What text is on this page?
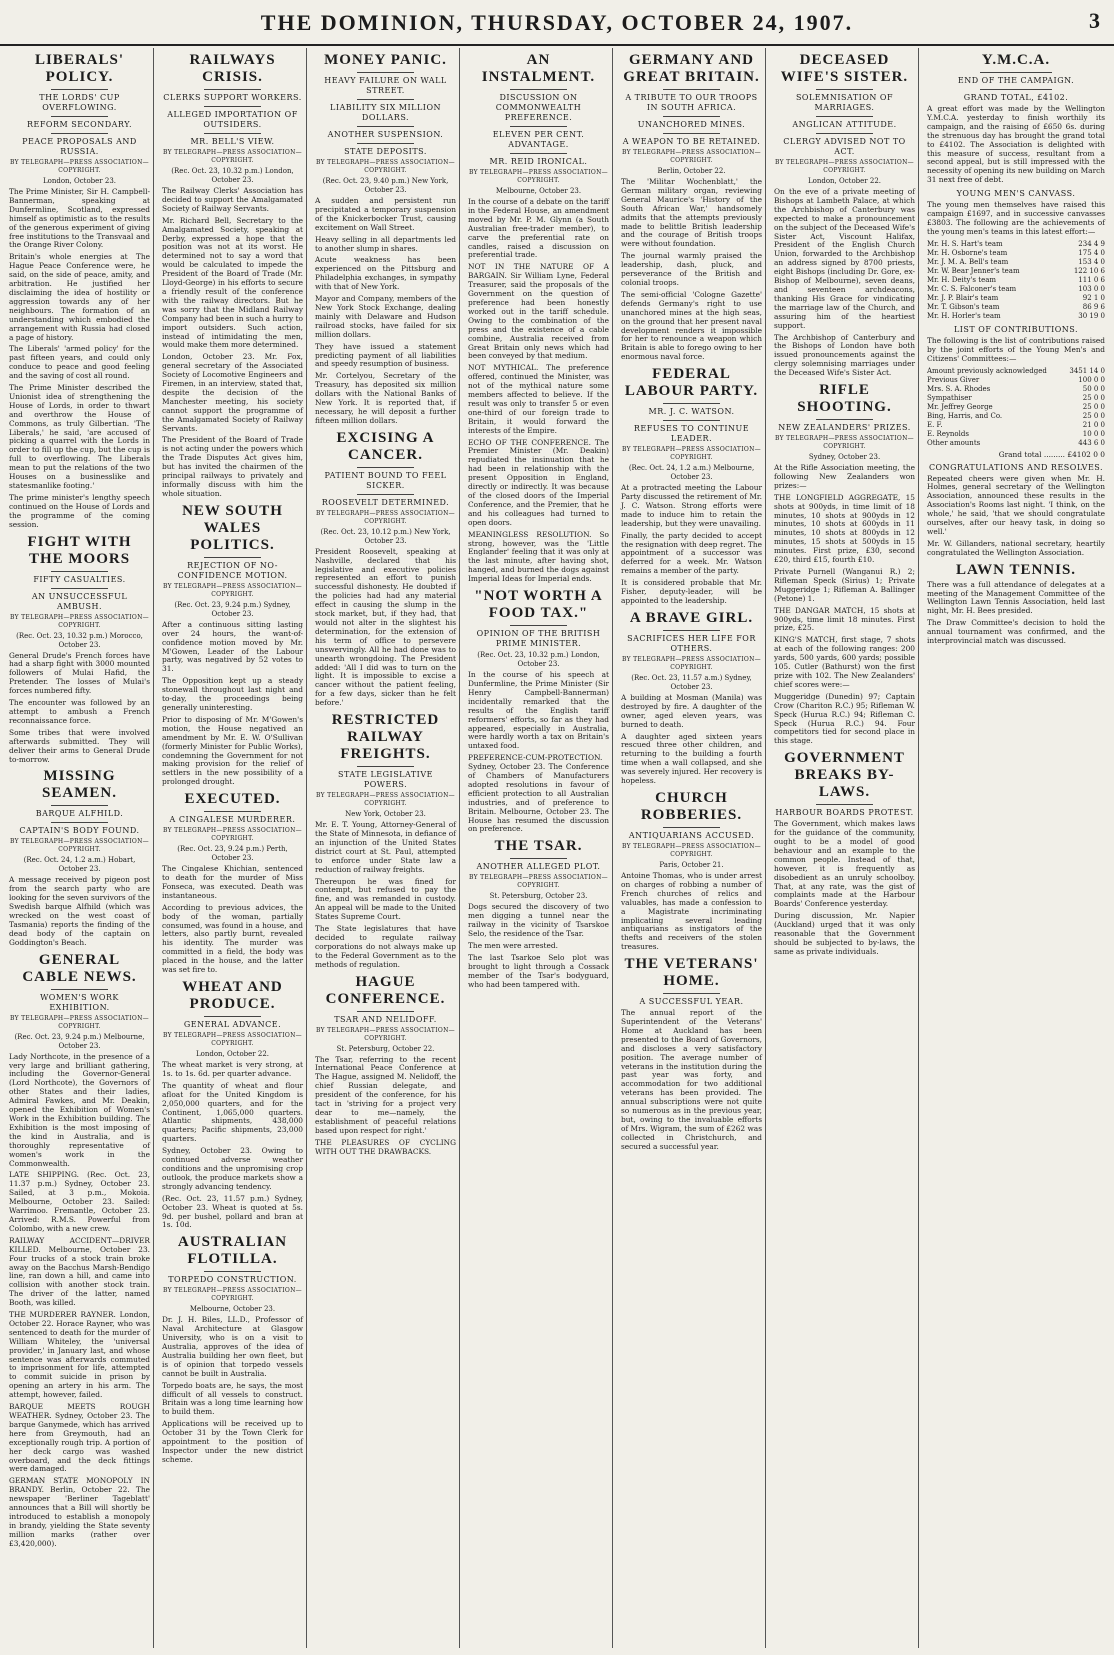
THE DOMINION, THURSDAY, OCTOBER 24, 1907.	3
LIBERALS' POLICY.
THE LORDS' CUP OVERFLOWING.
REFORM SECONDARY.
PEACE PROPOSALS AND RUSSIA.
BY TELEGRAPH—PRESS ASSOCIATION—COPYRIGHT.
London, October 23.

The Prime Minister, Sir H. Campbell-Bannerman, speaking at Dunfermline, Scotland, expressed himself as optimistic as to the results of the generous experiment of giving free institutions to the Transvaal and the Orange River Colony.

Britain's whole energies at The Hague Peace Conference were, he said, on the side of peace, amity, and arbitration. He justified her disclaiming the idea of hostility or aggression towards any of her neighbours. The formation of an understanding which embodied the arrangement with Russia had closed a page of history.

The Liberals' 'armed policy' for the past fifteen years, and could only conduce to peace and good feeling and the saving of cost all round.

The Prime Minister described the Unionist idea of strengthening the House of Lords, in order to thwart and overthrow the House of Commons, as truly Gilbertian. 'The Liberals,' he said, 'are accused of picking a quarrel with the Lords in order to fill up the cup, but the cup is full to overflowing. The Liberals mean to put the relations of the two Houses on a businesslike and statesmanlike footing.'

The prime minister's lengthy speech continued on the House of Lords and the programme of the coming session.

FIGHT WITH THE MOORS
FIFTY CASUALTIES.
AN UNSUCCESSFUL AMBUSH.
BY TELEGRAPH—PRESS ASSOCIATION—COPYRIGHT.
(Rec. Oct. 23, 10.32 p.m.) Morocco, October 23.

General Drude's French forces have had a sharp fight with 3000 mounted followers of Mulai Hafid, the Pretender. The losses of Mulai's forces numbered fifty.

The encounter was followed by an attempt to ambush a French reconnaissance force.

Some tribes that were involved afterwards submitted. They will deliver their arms to General Drude to-morrow.

MISSING SEAMEN.
BARQUE ALFHILD.
CAPTAIN'S BODY FOUND.
BY TELEGRAPH—PRESS ASSOCIATION—COPYRIGHT.
(Rec. Oct. 24, 1.2 a.m.) Hobart, October 23.

A message received by pigeon post from the search party who are looking for the seven survivors of the Swedish barque Alfhild (which was wrecked on the west coast of Tasmania) reports the finding of the dead body of the captain on Goddington's Beach.

GENERAL CABLE NEWS.
WOMEN'S WORK EXHIBITION.
BY TELEGRAPH—PRESS ASSOCIATION—COPYRIGHT.
(Rec. Oct. 23, 9.24 p.m.) Melbourne, October 23.

Lady Northcote, in the presence of a very large and brilliant gathering, including the Governor-General (Lord Northcote), the Governors of other States and their ladies, Admiral Fawkes, and Mr. Deakin, opened the Exhibition of Women's Work in the Exhibition building. The Exhibition is the most imposing of the kind in Australia, and is thoroughly representative of women's work in the Commonwealth.

LATE SHIPPING. (Rec. Oct. 23, 11.37 p.m.) Sydney, October 23. Sailed, at 3 p.m., Mokoia. Melbourne, October 23. Sailed: Warrimoo. Fremantle, October 23. Arrived: R.M.S. Powerful from Colombo, with a new crew.

RAILWAY ACCIDENT—DRIVER KILLED. Melbourne, October 23. Four trucks of a stock train broke away on the Bacchus Marsh-Bendigo line, ran down a hill, and came into collision with another stock train. The driver of the latter, named Booth, was killed.

THE MURDERER RAYNER. London, October 22. Horace Rayner, who was sentenced to death for the murder of William Whiteley, the 'universal provider,' in January last, and whose sentence was afterwards commuted to imprisonment for life, attempted to commit suicide in prison by opening an artery in his arm. The attempt, however, failed.

BARQUE MEETS ROUGH WEATHER. Sydney, October 23. The barque Ganymede, which has arrived here from Greymouth, had an exceptionally rough trip. A portion of her deck cargo was washed overboard, and the deck fittings were damaged.

GERMAN STATE MONOPOLY IN BRANDY. Berlin, October 22. The newspaper 'Berliner Tageblatt' announces that a Bill will shortly be introduced to establish a monopoly in brandy, yielding the State seventy million marks (rather over £3,420,000).

RAILWAYS CRISIS.
CLERKS SUPPORT WORKERS.
ALLEGED IMPORTATION OF OUTSIDERS.
MR. BELL'S VIEW.
BY TELEGRAPH—PRESS ASSOCIATION—COPYRIGHT.
(Rec. Oct. 23, 10.32 p.m.) London, October 23.

The Railway Clerks' Association has decided to support the Amalgamated Society of Railway Servants.

Mr. Richard Bell, Secretary to the Amalgamated Society, speaking at Derby, expressed a hope that the position was not at its worst. He determined not to say a word that would be calculated to impede the President of the Board of Trade (Mr. Lloyd-George) in his efforts to secure a friendly result of the conference with the railway directors. But he was sorry that the Midland Railway Company had been in such a hurry to import outsiders. Such action, instead of intimidating the men, would make them more determined.

London, October 23. Mr. Fox, general secretary of the Associated Society of Locomotive Engineers and Firemen, in an interview, stated that, despite the decision of the Manchester meeting, his society cannot support the programme of the Amalgamated Society of Railway Servants.

The President of the Board of Trade is not acting under the powers which the Trade Disputes Act gives him, but has invited the chairmen of the principal railways to privately and informally discuss with him the whole situation.

NEW SOUTH WALES POLITICS.
REJECTION OF NO-CONFIDENCE MOTION.
BY TELEGRAPH—PRESS ASSOCIATION—COPYRIGHT.
(Rec. Oct. 23, 9.24 p.m.) Sydney, October 23.

After a continuous sitting lasting over 24 hours, the want-of-confidence motion moved by Mr. M'Gowen, Leader of the Labour party, was negatived by 52 votes to 31.

The Opposition kept up a steady stonewall throughout last night and to-day, the proceedings being generally uninteresting.

Prior to disposing of Mr. M'Gowen's motion, the House negatived an amendment by Mr. E. W. O'Sullivan (formerly Minister for Public Works), condemning the Government for not making provision for the relief of settlers in the new possibility of a prolonged drought.

EXECUTED.
A CINGALESE MURDERER.
BY TELEGRAPH—PRESS ASSOCIATION—COPYRIGHT.
(Rec. Oct. 23, 9.24 p.m.) Perth, October 23.

The Cingalese Khichian, sentenced to death for the murder of Miss Fonseca, was executed. Death was instantaneous.

According to previous advices, the body of the woman, partially consumed, was found in a house, and letters, also partly burnt, revealed his identity. The murder was committed in a field, the body was placed in the house, and the latter was set fire to.

WHEAT AND PRODUCE.
GENERAL ADVANCE.
BY TELEGRAPH—PRESS ASSOCIATION—COPYRIGHT.
London, October 22.

The wheat market is very strong, at 1s. to 1s. 6d. per quarter advance.

The quantity of wheat and flour afloat for the United Kingdom is 2,050,000 quarters, and for the Continent, 1,065,000 quarters. Atlantic shipments, 438,000 quarters; Pacific shipments, 23,000 quarters.

Sydney, October 23. Owing to continued adverse weather conditions and the unpromising crop outlook, the produce markets show a strongly advancing tendency.

(Rec. Oct. 23, 11.57 p.m.) Sydney, October 23. Wheat is quoted at 5s. 9d. per bushel, pollard and bran at 1s. 10d.

AUSTRALIAN FLOTILLA.
TORPEDO CONSTRUCTION.
BY TELEGRAPH—PRESS ASSOCIATION—COPYRIGHT.
Melbourne, October 23.

Dr. J. H. Biles, LL.D., Professor of Naval Architecture at Glasgow University, who is on a visit to Australia, approves of the idea of Australia building her own fleet, but is of opinion that torpedo vessels cannot be built in Australia.

Torpedo boats are, he says, the most difficult of all vessels to construct. Britain was a long time learning how to build them.

Applications will be received up to October 31 by the Town Clerk for appointment to the position of Inspector under the new district scheme.

MONEY PANIC.
HEAVY FAILURE ON WALL STREET.
LIABILITY SIX MILLION DOLLARS.
ANOTHER SUSPENSION.
STATE DEPOSITS.
BY TELEGRAPH—PRESS ASSOCIATION—COPYRIGHT.
(Rec. Oct. 23, 9.40 p.m.) New York, October 23.

A sudden and persistent run precipitated a temporary suspension of the Knickerbocker Trust, causing excitement on Wall Street.

Heavy selling in all departments led to another slump in shares.

Acute weakness has been experienced on the Pittsburg and Philadelphia exchanges, in sympathy with that of New York.

Mayor and Company, members of the New York Stock Exchange, dealing mainly with Delaware and Hudson railroad stocks, have failed for six million dollars.

They have issued a statement predicting payment of all liabilities and speedy resumption of business.

Mr. Cortelyou, Secretary of the Treasury, has deposited six million dollars with the National Banks of New York. It is reported that, if necessary, he will deposit a further fifteen million dollars.

EXCISING A CANCER.
PATIENT BOUND TO FEEL SICKER.
ROOSEVELT DETERMINED.
BY TELEGRAPH—PRESS ASSOCIATION—COPYRIGHT.
(Rec. Oct. 23, 10.12 p.m.) New York, October 23.

President Roosevelt, speaking at Nashville, declared that his legislative and executive policies represented an effort to punish successful dishonesty. He doubted if the policies had had any material effect in causing the slump in the stock market, but, if they had, that would not alter in the slightest his determination, for the extension of his term of office to persevere unswervingly. All he had done was to unearth wrongdoing. The President added: 'All I did was to turn on the light. It is impossible to excise a cancer without the patient feeling, for a few days, sicker than he felt before.'

RESTRICTED RAILWAY FREIGHTS.
STATE LEGISLATIVE POWERS.
BY TELEGRAPH—PRESS ASSOCIATION—COPYRIGHT.
New York, October 23.

Mr. E. T. Young, Attorney-General of the State of Minnesota, in defiance of an injunction of the United States district court at St. Paul, attempted to enforce under State law a reduction of railway freights.

Thereupon he was fined for contempt, but refused to pay the fine, and was remanded in custody. An appeal will be made to the United States Supreme Court.

The State legislatures that have decided to regulate railway corporations do not always make up to the Federal Government as to the methods of regulation.

HAGUE CONFERENCE.
TSAR AND NELIDOFF.
BY TELEGRAPH—PRESS ASSOCIATION—COPYRIGHT.
St. Petersburg, October 22.

The Tsar, referring to the recent International Peace Conference at The Hague, assigned M. Nelidoff, the chief Russian delegate, and president of the conference, for his tact in 'striving for a project very dear to me—namely, the establishment of peaceful relations based upon respect for right.'

THE PLEASURES OF CYCLING WITH OUT THE DRAWBACKS.

AN INSTALMENT.
DISCUSSION ON COMMONWEALTH PREFERENCE.
ELEVEN PER CENT. ADVANTAGE.
MR. REID IRONICAL.
BY TELEGRAPH—PRESS ASSOCIATION—COPYRIGHT.
Melbourne, October 23.

In the course of a debate on the tariff in the Federal House, an amendment moved by Mr. P. M. Glynn (a South Australian free-trader member), to carve the preferential rate on candles, raised a discussion on preferential trade.

NOT IN THE NATURE OF A BARGAIN. Sir William Lyne, Federal Treasurer, said the proposals of the Government on the question of preference had been honestly worked out in the tariff schedule. Owing to the combination of the press and the existence of a cable combine, Australia received from Great Britain only news which had been conveyed by that medium.

NOT MYTHICAL. The preference offered, continued the Minister, was not of the mythical nature some members affected to believe. If the result was only to transfer 5 or even one-third of our foreign trade to Britain, it would forward the interests of the Empire.

ECHO OF THE CONFERENCE. The Premier Minister (Mr. Deakin) repudiated the insinuation that he had been in relationship with the present Opposition in England, directly or indirectly. It was because of the closed doors of the Imperial Conference, and the Premier, that he and his colleagues had turned to open doors.

MEANINGLESS RESOLUTION. So strong, however, was the 'Little Englander' feeling that it was only at the last minute, after having shot, hanged, and burned the dogs against Imperial Ideas for Imperial ends.

"NOT WORTH A FOOD TAX."
OPINION OF THE BRITISH PRIME MINISTER.
(Rec. Oct. 23, 10.32 p.m.) London, October 23.

In the course of his speech at Dunfermline, the Prime Minister (Sir Henry Campbell-Bannerman) incidentally remarked that the results of the English tariff reformers' efforts, so far as they had appeared, especially in Australia, were hardly worth a tax on Britain's untaxed food.

PREFERENCE-CUM-PROTECTION. Sydney, October 23. The Conference of Chambers of Manufacturers adopted resolutions in favour of efficient protection to all Australian industries, and of preference to Britain. Melbourne, October 23. The House has resumed the discussion on preference.

THE TSAR.
ANOTHER ALLEGED PLOT.
BY TELEGRAPH—PRESS ASSOCIATION—COPYRIGHT.
St. Petersburg, October 23.

Dogs secured the discovery of two men digging a tunnel near the railway in the vicinity of Tsarskoe Selo, the residence of the Tsar.

The men were arrested.

The last Tsarkoe Selo plot was brought to light through a Cossack member of the Tsar's bodyguard, who had been tampered with.

GERMANY AND GREAT BRITAIN.
A TRIBUTE TO OUR TROOPS IN SOUTH AFRICA.
UNANCHORED MINES.
A WEAPON TO BE RETAINED.
BY TELEGRAPH—PRESS ASSOCIATION—COPYRIGHT.
Berlin, October 22.

The 'Militar Wochenblatt,' the German military organ, reviewing General Maurice's 'History of the South African War,' handsomely admits that the attempts previously made to belittle British leadership and the courage of British troops were without foundation.

The journal warmly praised the leadership, dash, pluck, and perseverance of the British and colonial troops.

The semi-official 'Cologne Gazette' defends Germany's right to use unanchored mines at the high seas, on the ground that her present naval development renders it impossible for her to renounce a weapon which Britain is able to forego owing to her enormous naval force.

FEDERAL LABOUR PARTY.
MR. J. C. WATSON.
REFUSES TO CONTINUE LEADER.
BY TELEGRAPH—PRESS ASSOCIATION—COPYRIGHT.
(Rec. Oct. 24, 1.2 a.m.) Melbourne, October 23.

At a protracted meeting the Labour Party discussed the retirement of Mr. J. C. Watson. Strong efforts were made to induce him to retain the leadership, but they were unavailing.

Finally, the party decided to accept the resignation with deep regret. The appointment of a successor was deferred for a week. Mr. Watson remains a member of the party.

It is considered probable that Mr. Fisher, deputy-leader, will be appointed to the leadership.

A BRAVE GIRL.
SACRIFICES HER LIFE FOR OTHERS.
BY TELEGRAPH—PRESS ASSOCIATION—COPYRIGHT.
(Rec. Oct. 23, 11.57 a.m.) Sydney, October 23.

A building at Mosman (Manila) was destroyed by fire. A daughter of the owner, aged eleven years, was burned to death.

A daughter aged sixteen years rescued three other children, and returning to the building a fourth time when a wall collapsed, and she was severely injured. Her recovery is hopeless.

CHURCH ROBBERIES.
ANTIQUARIANS ACCUSED.
BY TELEGRAPH—PRESS ASSOCIATION—COPYRIGHT.
Paris, October 21.

Antoine Thomas, who is under arrest on charges of robbing a number of French churches of relics and valuables, has made a confession to a Magistrate incriminating implicating several leading antiquarians as instigators of the thefts and receivers of the stolen treasures.

THE VETERANS' HOME.
A SUCCESSFUL YEAR.

The annual report of the Superintendent of the Veterans' Home at Auckland has been presented to the Board of Governors, and discloses a very satisfactory position. The average number of veterans in the institution during the past year was forty, and accommodation for two additional veterans has been provided. The annual subscriptions were not quite so numerous as in the previous year, but, owing to the invaluable efforts of Mrs. Wigram, the sum of £262 was collected in Christchurch, and secured a successful year.

DECEASED WIFE'S SISTER.
SOLEMNISATION OF MARRIAGES.
ANGLICAN ATTITUDE.
CLERGY ADVISED NOT TO ACT.
BY TELEGRAPH—PRESS ASSOCIATION—COPYRIGHT.
London, October 22.

On the eve of a private meeting of Bishops at Lambeth Palace, at which the Archbishop of Canterbury was expected to make a pronouncement on the subject of the Deceased Wife's Sister Act, Viscount Halifax, President of the English Church Union, forwarded to the Archbishop an address signed by 8700 priests, eight Bishops (including Dr. Gore, ex-Bishop of Melbourne), seven deans, and seventeen archdeacons, thanking His Grace for vindicating the marriage law of the Church, and assuring him of the heartiest support.

The Archbishop of Canterbury and the Bishops of London have both issued pronouncements against the clergy solemnising marriages under the Deceased Wife's Sister Act.

RIFLE SHOOTING.
NEW ZEALANDERS' PRIZES.
BY TELEGRAPH—PRESS ASSOCIATION—COPYRIGHT.
Sydney, October 23.

At the Rifle Association meeting, the following New Zealanders won prizes:—

THE LONGFIELD AGGREGATE, 15 shots at 900yds, in time limit of 18 minutes, 10 shots at 900yds in 12 minutes, 10 shots at 600yds in 11 minutes, 10 shots at 800yds in 12 minutes, 15 shots at 500yds in 15 minutes. First prize, £30, second £20, third £15, fourth £10.

Private Purnell (Wanganui R.) 2; Rifleman Speck (Sirius) 1; Private Muggeridge 1; Rifleman A. Ballinger (Petone) 1.

THE DANGAR MATCH, 15 shots at 900yds, time limit 18 minutes. First prize, £25.

KING'S MATCH, first stage, 7 shots at each of the following ranges: 200 yards, 500 yards, 600 yards; possible 105. Cutler (Bathurst) won the first prize with 102. The New Zealanders' chief scores were:—

Muggeridge (Dunedin) 97; Captain Crow (Chariton R.C.) 95; Rifleman W. Speck (Hurua R.C.) 94; Rifleman C. Speck (Hurua R.C.) 94. Four competitors tied for second place in this stage.

GOVERNMENT BREAKS BY-LAWS.
HARBOUR BOARDS PROTEST.

The Government, which makes laws for the guidance of the community, ought to be a model of good behaviour and an example to the common people. Instead of that, however, it is frequently as disobedient as an unruly schoolboy. That, at any rate, was the gist of complaints made at the Harbour Boards' Conference yesterday.

During discussion, Mr. Napier (Auckland) urged that it was only reasonable that the Government should be subjected to by-laws, the same as private individuals.

Y.M.C.A.
END OF THE CAMPAIGN.
GRAND TOTAL, £4102.

A great effort was made by the Wellington Y.M.C.A. yesterday to finish worthily its campaign, and the raising of £650 6s. during the strenuous day has brought the grand total to £4102. The Association is delighted with this measure of success, resultant from a second appeal, but is still impressed with the necessity of opening its new building on March 31 next free of debt.

YOUNG MEN'S CANVASS.

The young men themselves have raised this campaign £1697, and in successive canvasses £3803. The following are the achievements of the young men's teams in this latest effort:—

Mr. H. S. Hart's team	234 4 9
Mr. H. Osborne's team	175 4 0
Mr. J. M. A. Bell's team	153 4 0
Mr. W. Bear Jenner's team	122 10 6
Mr. H. Deity's team	111 0 6
Mr. C. S. Falconer's team	103 0 0
Mr. J. P. Blair's team	92 1 0
Mr. T. Gibson's team	86 9 6
Mr. H. Horler's team	30 19 0
LIST OF CONTRIBUTIONS.

The following is the list of contributions raised by the joint efforts of the Young Men's and Citizens' Committees:—

Amount previously acknowledged	3451 14 0
Previous Giver	100 0 0
Mrs. S. A. Rhodes	50 0 0
Sympathiser	25 0 0
Mr. Jeffrey George	25 0 0
Bing, Harris, and Co.	25 0 0
E. F.	21 0 0
E. Reynolds	10 0 0
Other amounts	443 6 0
Grand total ......... £4102 0 0
CONGRATULATIONS AND RESOLVES.

Repeated cheers were given when Mr. H. Holmes, general secretary of the Wellington Association, announced these results in the Association's Rooms last night. 'I think, on the whole,' he said, 'that we should congratulate ourselves, after our heavy task, in doing so well.'

Mr. W. Gillanders, national secretary, heartily congratulated the Wellington Association.

LAWN TENNIS.

There was a full attendance of delegates at a meeting of the Management Committee of the Wellington Lawn Tennis Association, held last night, Mr. H. Bees presided.

The Draw Committee's decision to hold the annual tournament was confirmed, and the interprovincial match was discussed.
